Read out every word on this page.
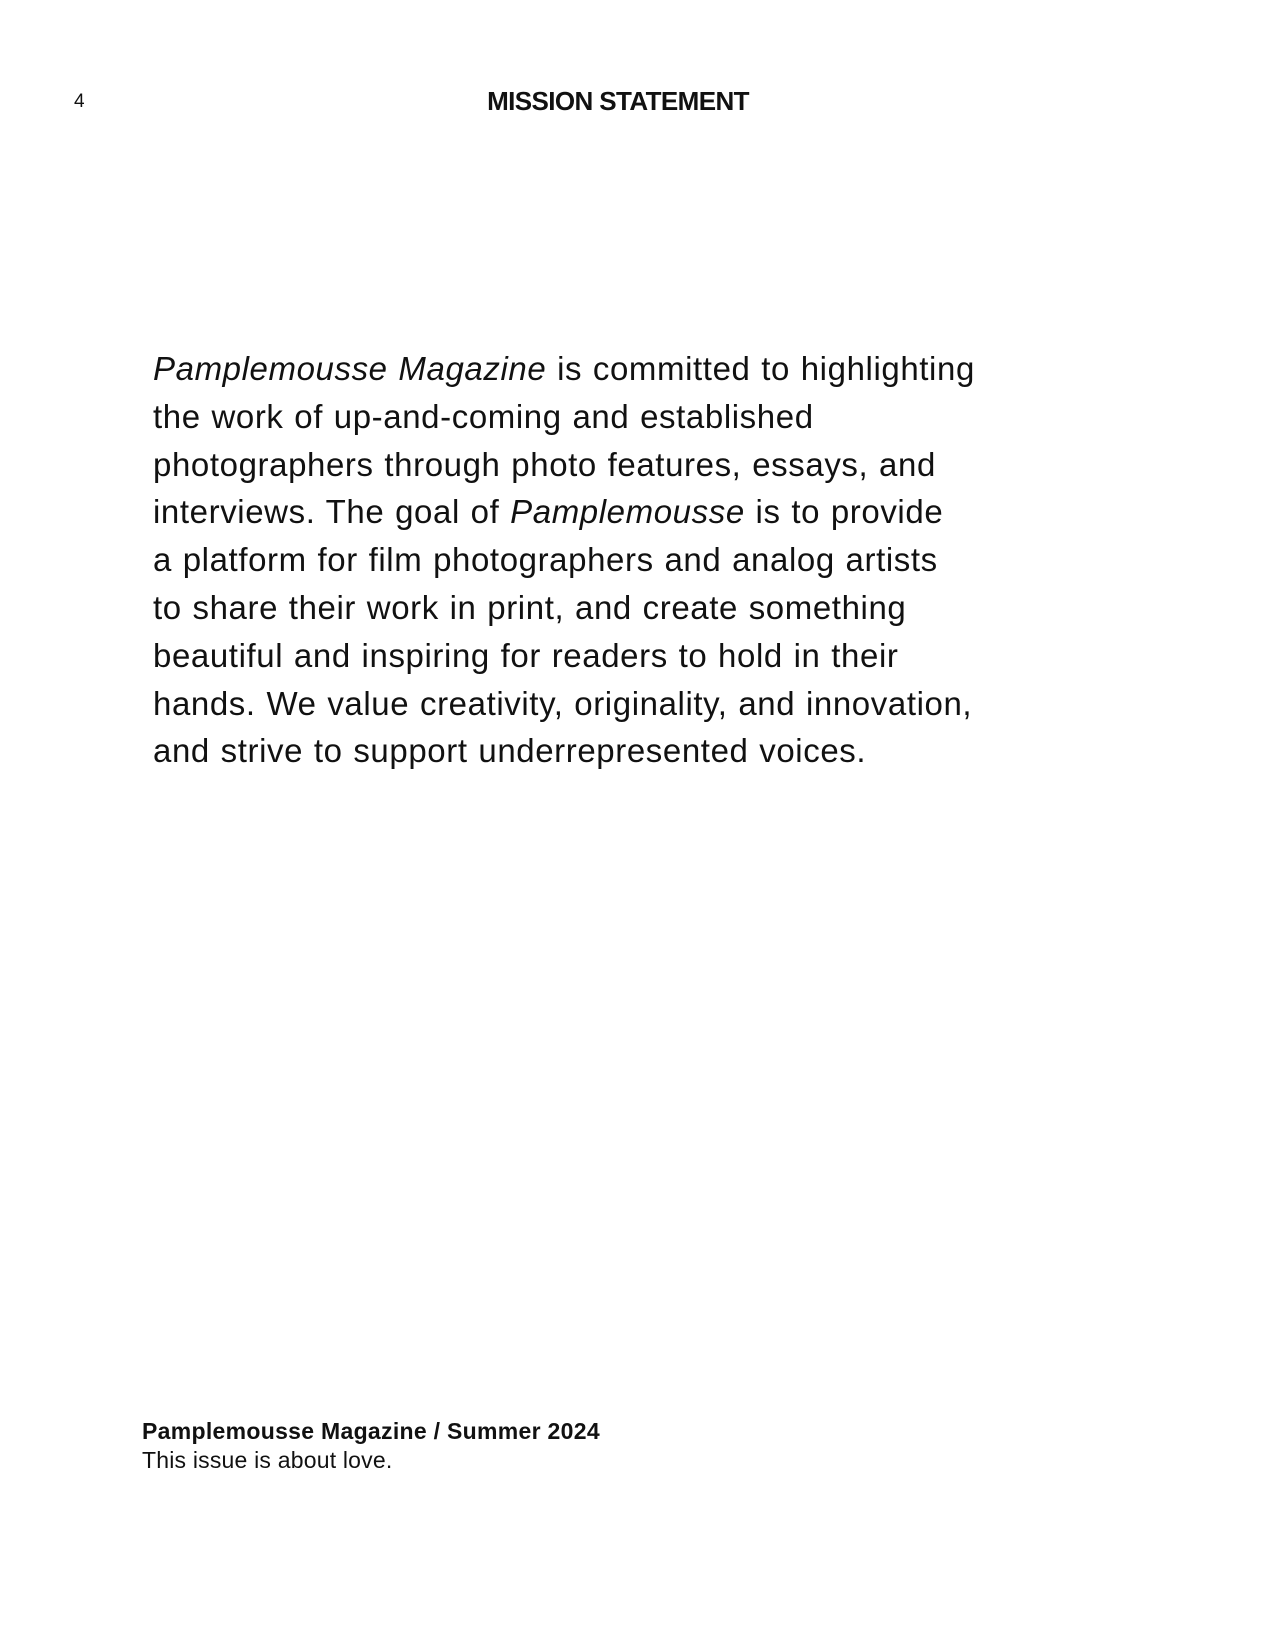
4	MISSION STATEMENT
Pamplemousse Magazine is committed to highlighting
the work of up-and-coming and established
photographers through photo features, essays, and
interviews. The goal of Pamplemousse is to provide
a platform for film photographers and analog artists
to share their work in print, and create something
beautiful and inspiring for readers to hold in their
hands. We value creativity, originality, and innovation,
and strive to support underrepresented voices.
Pamplemousse Magazine / Summer 2024
This issue is about love.
